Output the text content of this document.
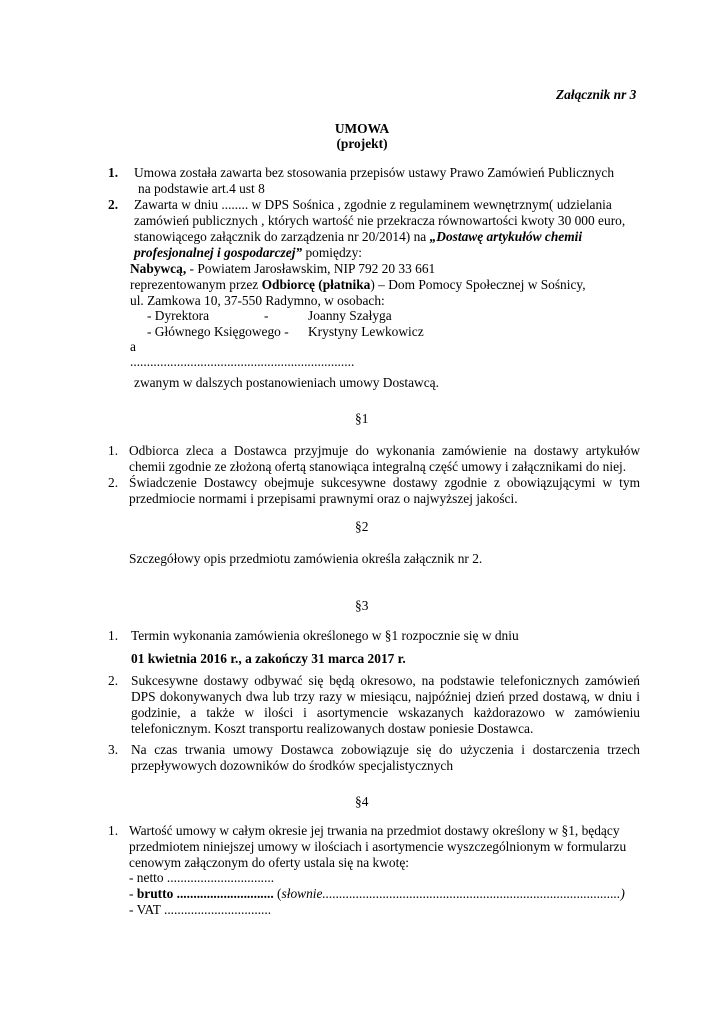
Załącznik nr 3
UMOWA
(projekt)
1. Umowa została zawarta bez stosowania przepisów ustawy Prawo Zamówień Publicznych
na podstawie art.4 ust 8
2. Zawarta w dniu ........ w DPS Sośnica , zgodnie z regulaminem wewnętrznym( udzielania
zamówień publicznych , których wartość nie przekracza równowartości kwoty 30 000 euro,
stanowiącego załącznik do zarządzenia nr 20/2014) na „Dostawę artykułów chemii
profesjonalnej i gospodarczej” pomiędzy:
Nabywcą, - Powiatem Jarosławskim, NIP 792 20 33 661
reprezentowanym przez Odbiorcę (płatnika) – Dom Pomocy Społecznej w Sośnicy,
ul. Zamkowa 10, 37-550 Radymno, w osobach:
- Dyrektora	-	Joanny Szałyga
- Głównego Księgowego - Krystyny Lewkowicz
a
...................................................................
zwanym w dalszych postanowieniach umowy Dostawcą.
§1
1. Odbiorca zleca a Dostawca przyjmuje do wykonania zamówienie na dostawy artykułów
chemii zgodnie ze złożoną ofertą stanowiąca integralną część umowy i załącznikami do niej.
2. Świadczenie Dostawcy obejmuje sukcesywne dostawy zgodnie z obowiązującymi w tym
przedmiocie normami i przepisami prawnymi oraz o najwyższej jakości.
§2
Szczegółowy opis przedmiotu zamówienia określa załącznik nr 2.
§3
1. Termin wykonania zamówienia określonego w §1 rozpocznie się w dniu
01 kwietnia 2016 r., a zakończy 31 marca 2017 r.
2. Sukcesywne dostawy odbywać się będą okresowo, na podstawie telefonicznych zamówień
DPS dokonywanych dwa lub trzy razy w miesiącu, najpóźniej dzień przed dostawą, w dniu i
godzinie, a także w ilości i asortymencie wskazanych każdorazowo w zamówieniu
telefonicznym. Koszt transportu realizowanych dostaw poniesie Dostawca.
3. Na czas trwania umowy Dostawca zobowiązuje się do użyczenia i dostarczenia trzech
przepływowych dozowników do środków specjalistycznych
§4
1. Wartość umowy w całym okresie jej trwania na przedmiot dostawy określony w §1, będący
przedmiotem niniejszej umowy w ilościach i asortymencie wyszczególnionym w formularzu
cenowym załączonym do oferty ustala się na kwotę:
- netto ................................
- brutto ............................. (słownie.........................................................................................)
- VAT ................................
